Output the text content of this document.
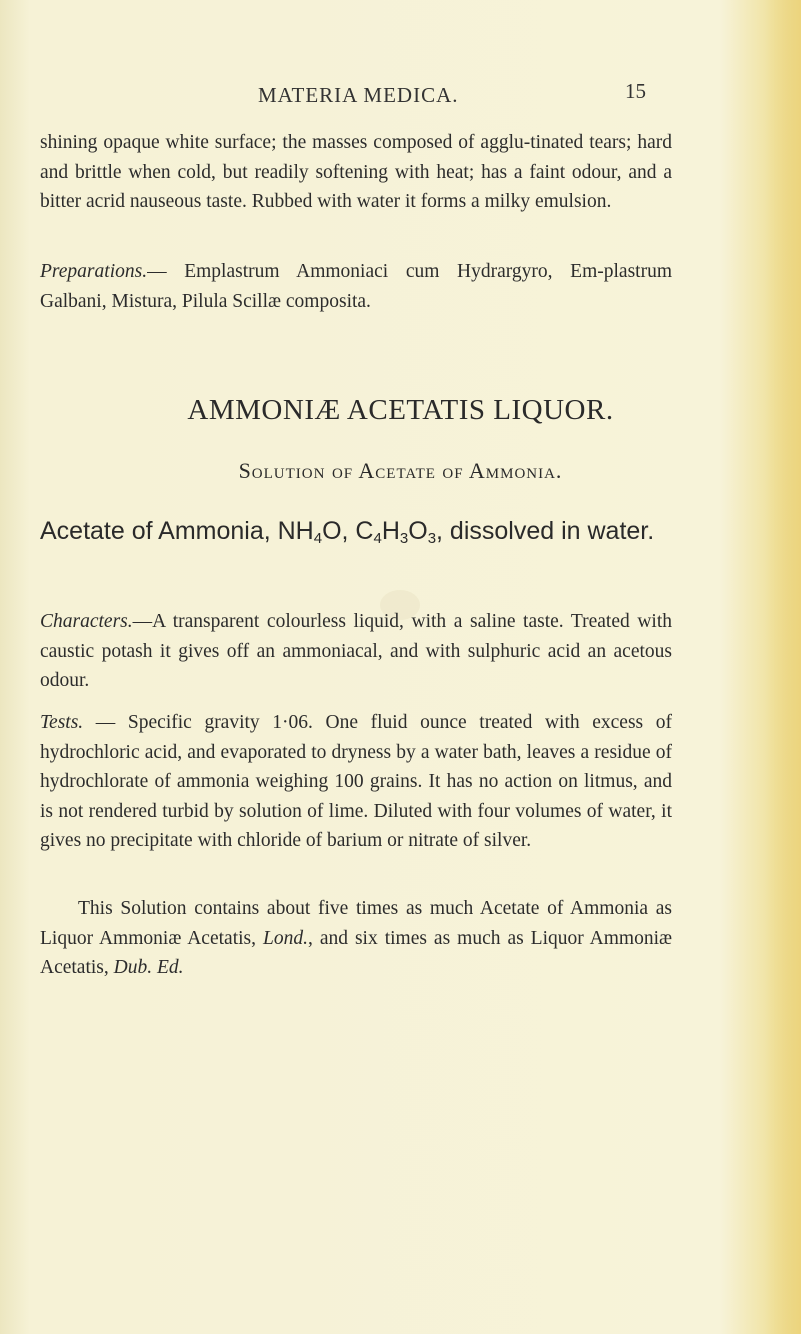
MATERIA MEDICA.	15
shining opaque white surface; the masses composed of agglu-tinated tears; hard and brittle when cold, but readily softening with heat; has a faint odour, and a bitter acrid nauseous taste. Rubbed with water it forms a milky emulsion.
Preparations.— Emplastrum Ammoniaci cum Hydrargyro, Em-plastrum Galbani, Mistura, Pilula Scillæ composita.
AMMONIÆ ACETATIS LIQUOR.
Solution of Acetate of Ammonia.
Acetate of Ammonia, $NH_4O$, $C_4H_3O_3$, dissolved in water.
Characters.—A transparent colourless liquid, with a saline taste. Treated with caustic potash it gives off an ammoniacal, and with sulphuric acid an acetous odour.
Tests. — Specific gravity 1·06. One fluid ounce treated with excess of hydrochloric acid, and evaporated to dryness by a water bath, leaves a residue of hydrochlorate of ammonia weighing 100 grains. It has no action on litmus, and is not rendered turbid by solution of lime. Diluted with four volumes of water, it gives no precipitate with chloride of barium or nitrate of silver.
This Solution contains about five times as much Acetate of Ammonia as Liquor Ammoniæ Acetatis, Lond., and six times as much as Liquor Ammoniæ Acetatis, Dub. Ed.
